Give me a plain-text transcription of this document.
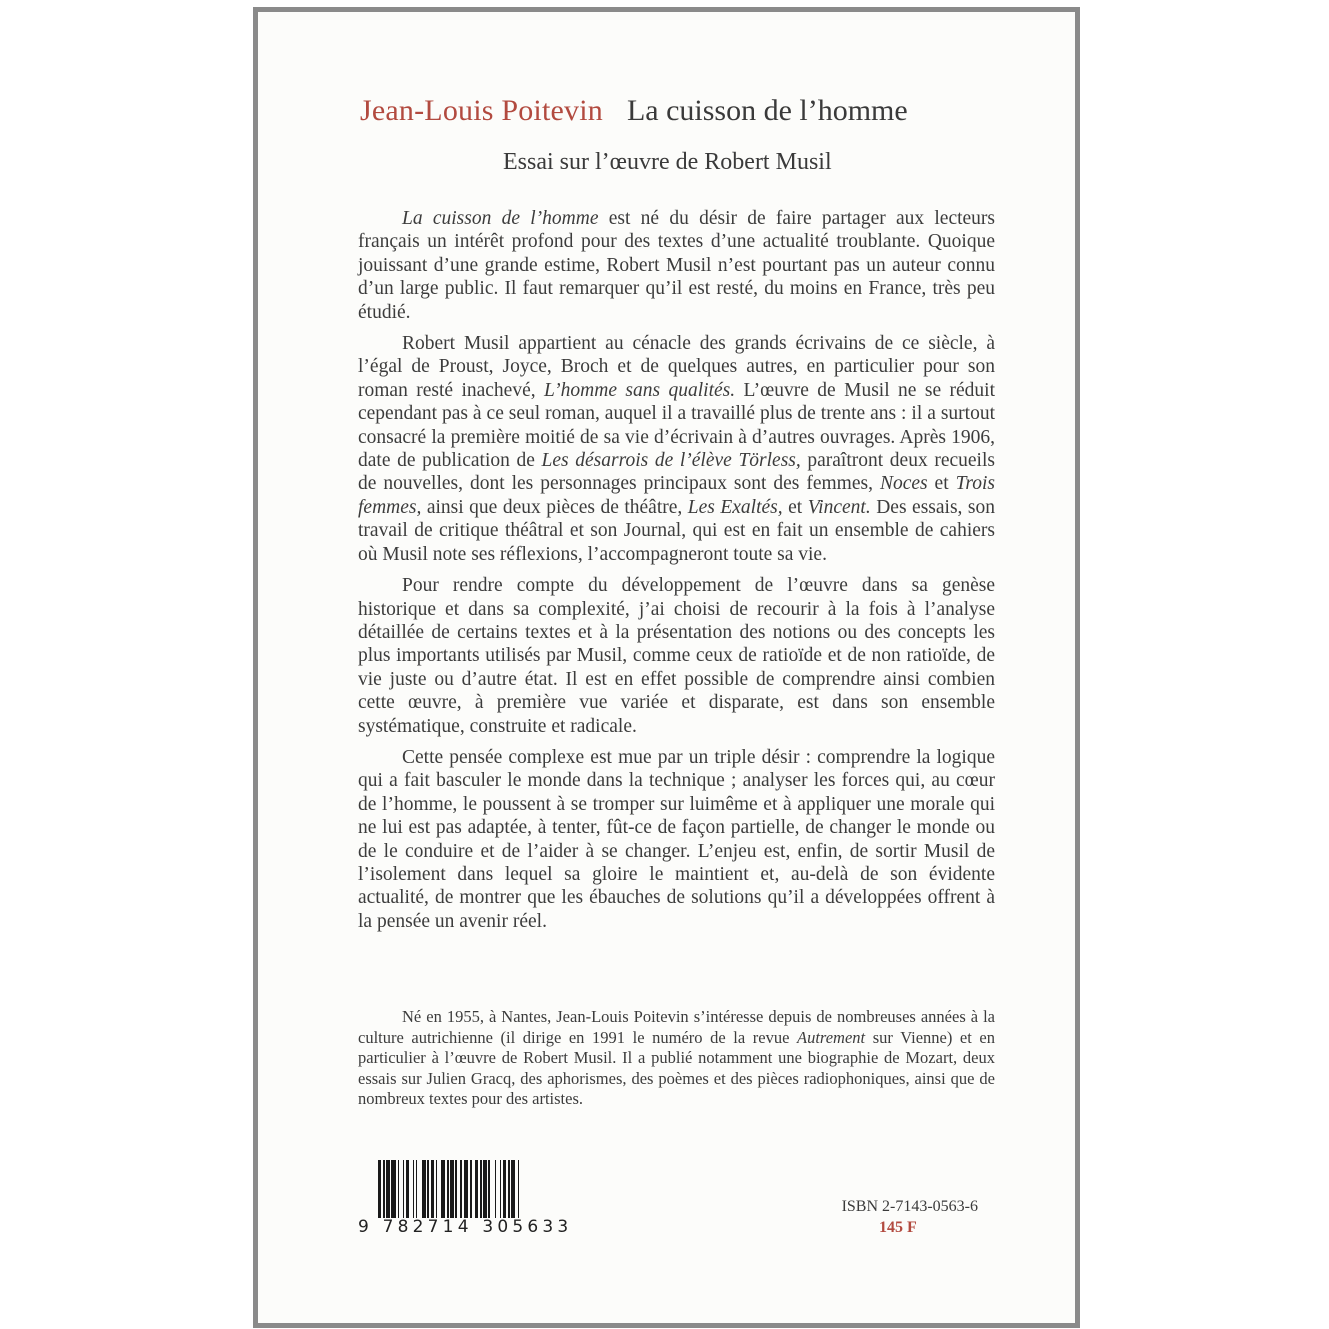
Jean-Louis Poitevin La cuisson de l’homme
Essai sur l’œuvre de Robert Musil

La cuisson de l’homme est né du désir de faire partager aux lecteurs français un intérêt profond pour des textes d’une actualité troublante. Quoique jouissant d’une grande estime, Robert Musil n’est pourtant pas un auteur connu d’un large public. Il faut remarquer qu’il est resté, du moins en France, très peu étudié.

Robert Musil appartient au cénacle des grands écrivains de ce siècle, à l’égal de Proust, Joyce, Broch et de quelques autres, en particulier pour son roman resté inachevé, L’homme sans qualités. L’œuvre de Musil ne se réduit cependant pas à ce seul roman, auquel il a travaillé plus de trente ans : il a surtout consacré la première moitié de sa vie d’écrivain à d’autres ouvrages. Après 1906, date de publication de Les désarrois de l’élève Törless, paraîtront deux recueils de nouvelles, dont les personnages principaux sont des femmes, Noces et Trois femmes, ainsi que deux pièces de théâtre, Les Exaltés, et Vincent. Des essais, son travail de critique théâtral et son Journal, qui est en fait un ensemble de cahiers où Musil note ses réflexions, l’accompagneront toute sa vie.

Pour rendre compte du développement de l’œuvre dans sa genèse historique et dans sa complexité, j’ai choisi de recourir à la fois à l’analyse détaillée de certains textes et à la présentation des notions ou des concepts les plus importants utilisés par Musil, comme ceux de ratioïde et de non ratioïde, de vie juste ou d’autre état. Il est en effet possible de comprendre ainsi combien cette œuvre, à première vue variée et disparate, est dans son ensemble systématique, construite et radicale.

Cette pensée complexe est mue par un triple désir : comprendre la logique qui a fait basculer le monde dans la technique ; analyser les forces qui, au cœur de l’homme, le poussent à se tromper sur luimême et à appliquer une morale qui ne lui est pas adaptée, à tenter, fût-ce de façon partielle, de changer le monde ou de le conduire et de l’aider à se changer. L’enjeu est, enfin, de sortir Musil de l’isolement dans lequel sa gloire le maintient et, au-delà de son évidente actualité, de montrer que les ébauches de solutions qu’il a développées offrent à la pensée un avenir réel.

Né en 1955, à Nantes, Jean-Louis Poitevin s’intéresse depuis de nombreuses années à la culture autrichienne (il dirige en 1991 le numéro de la revue Autrement sur Vienne) et en particulier à l’œuvre de Robert Musil. Il a publié notamment une biographie de Mozart, deux essais sur Julien Gracq, des aphorismes, des poèmes et des pièces radiophoniques, ainsi que de nombreux textes pour des artistes.

9 782714 305633
ISBN 2-7143-0563-6
145 F
